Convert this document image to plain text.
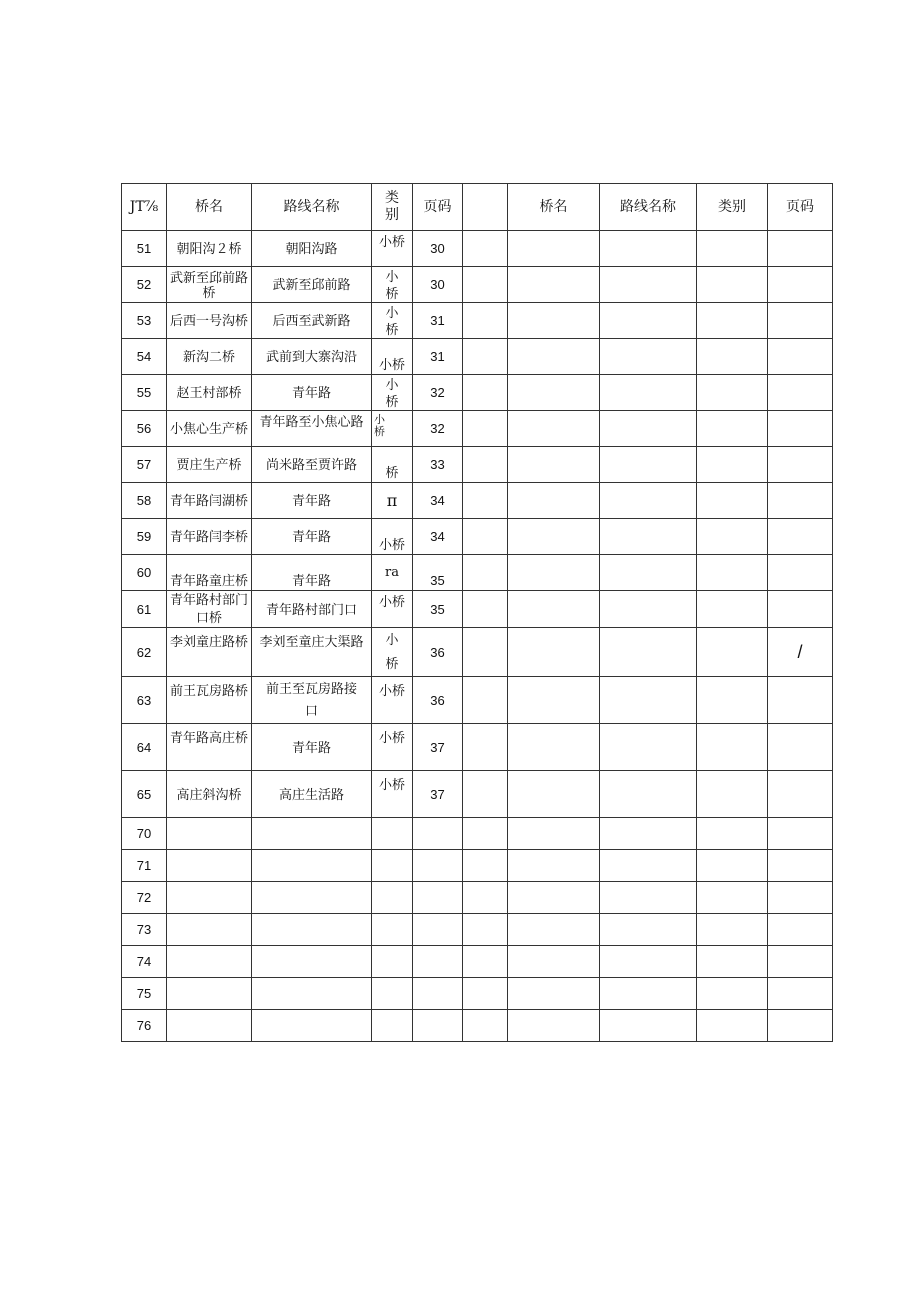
JT⅞	桥名	路线名称	类别	页码		桥名	路线名称	类别	页码
51	朝阳沟２桥	朝阳沟路	小桥	30					
52	武新至邱前路桥	武新至邱前路	小桥	30					
53	后西一号沟桥	后西至武新路	小桥	31					
54	新沟二桥	武前到大寨沟沿	小桥	31					
55	赵王村部桥	青年路	小桥	32					
56	小焦心生产桥	青年路至小焦心路	小桥	32					
57	贾庄生产桥	尚米路至贾许路	桥	33					
58	青年路闫湖桥	青年路	π	34					
59	青年路闫李桥	青年路	小桥	34					
60	青年路童庄桥	青年路	ra	35					
61	青年路村部门口桥	青年路村部门口	小桥	35					
62	李刘童庄路桥	李刘至童庄大渠路	小桥	36					/
63	前王瓦房路桥	前王至瓦房路接口	小桥	36					
64	青年路高庄桥	青年路	小桥	37					
65	高庄斜沟桥	高庄生活路	小桥	37					
70									
71									
72									
73									
74									
75									
76									
